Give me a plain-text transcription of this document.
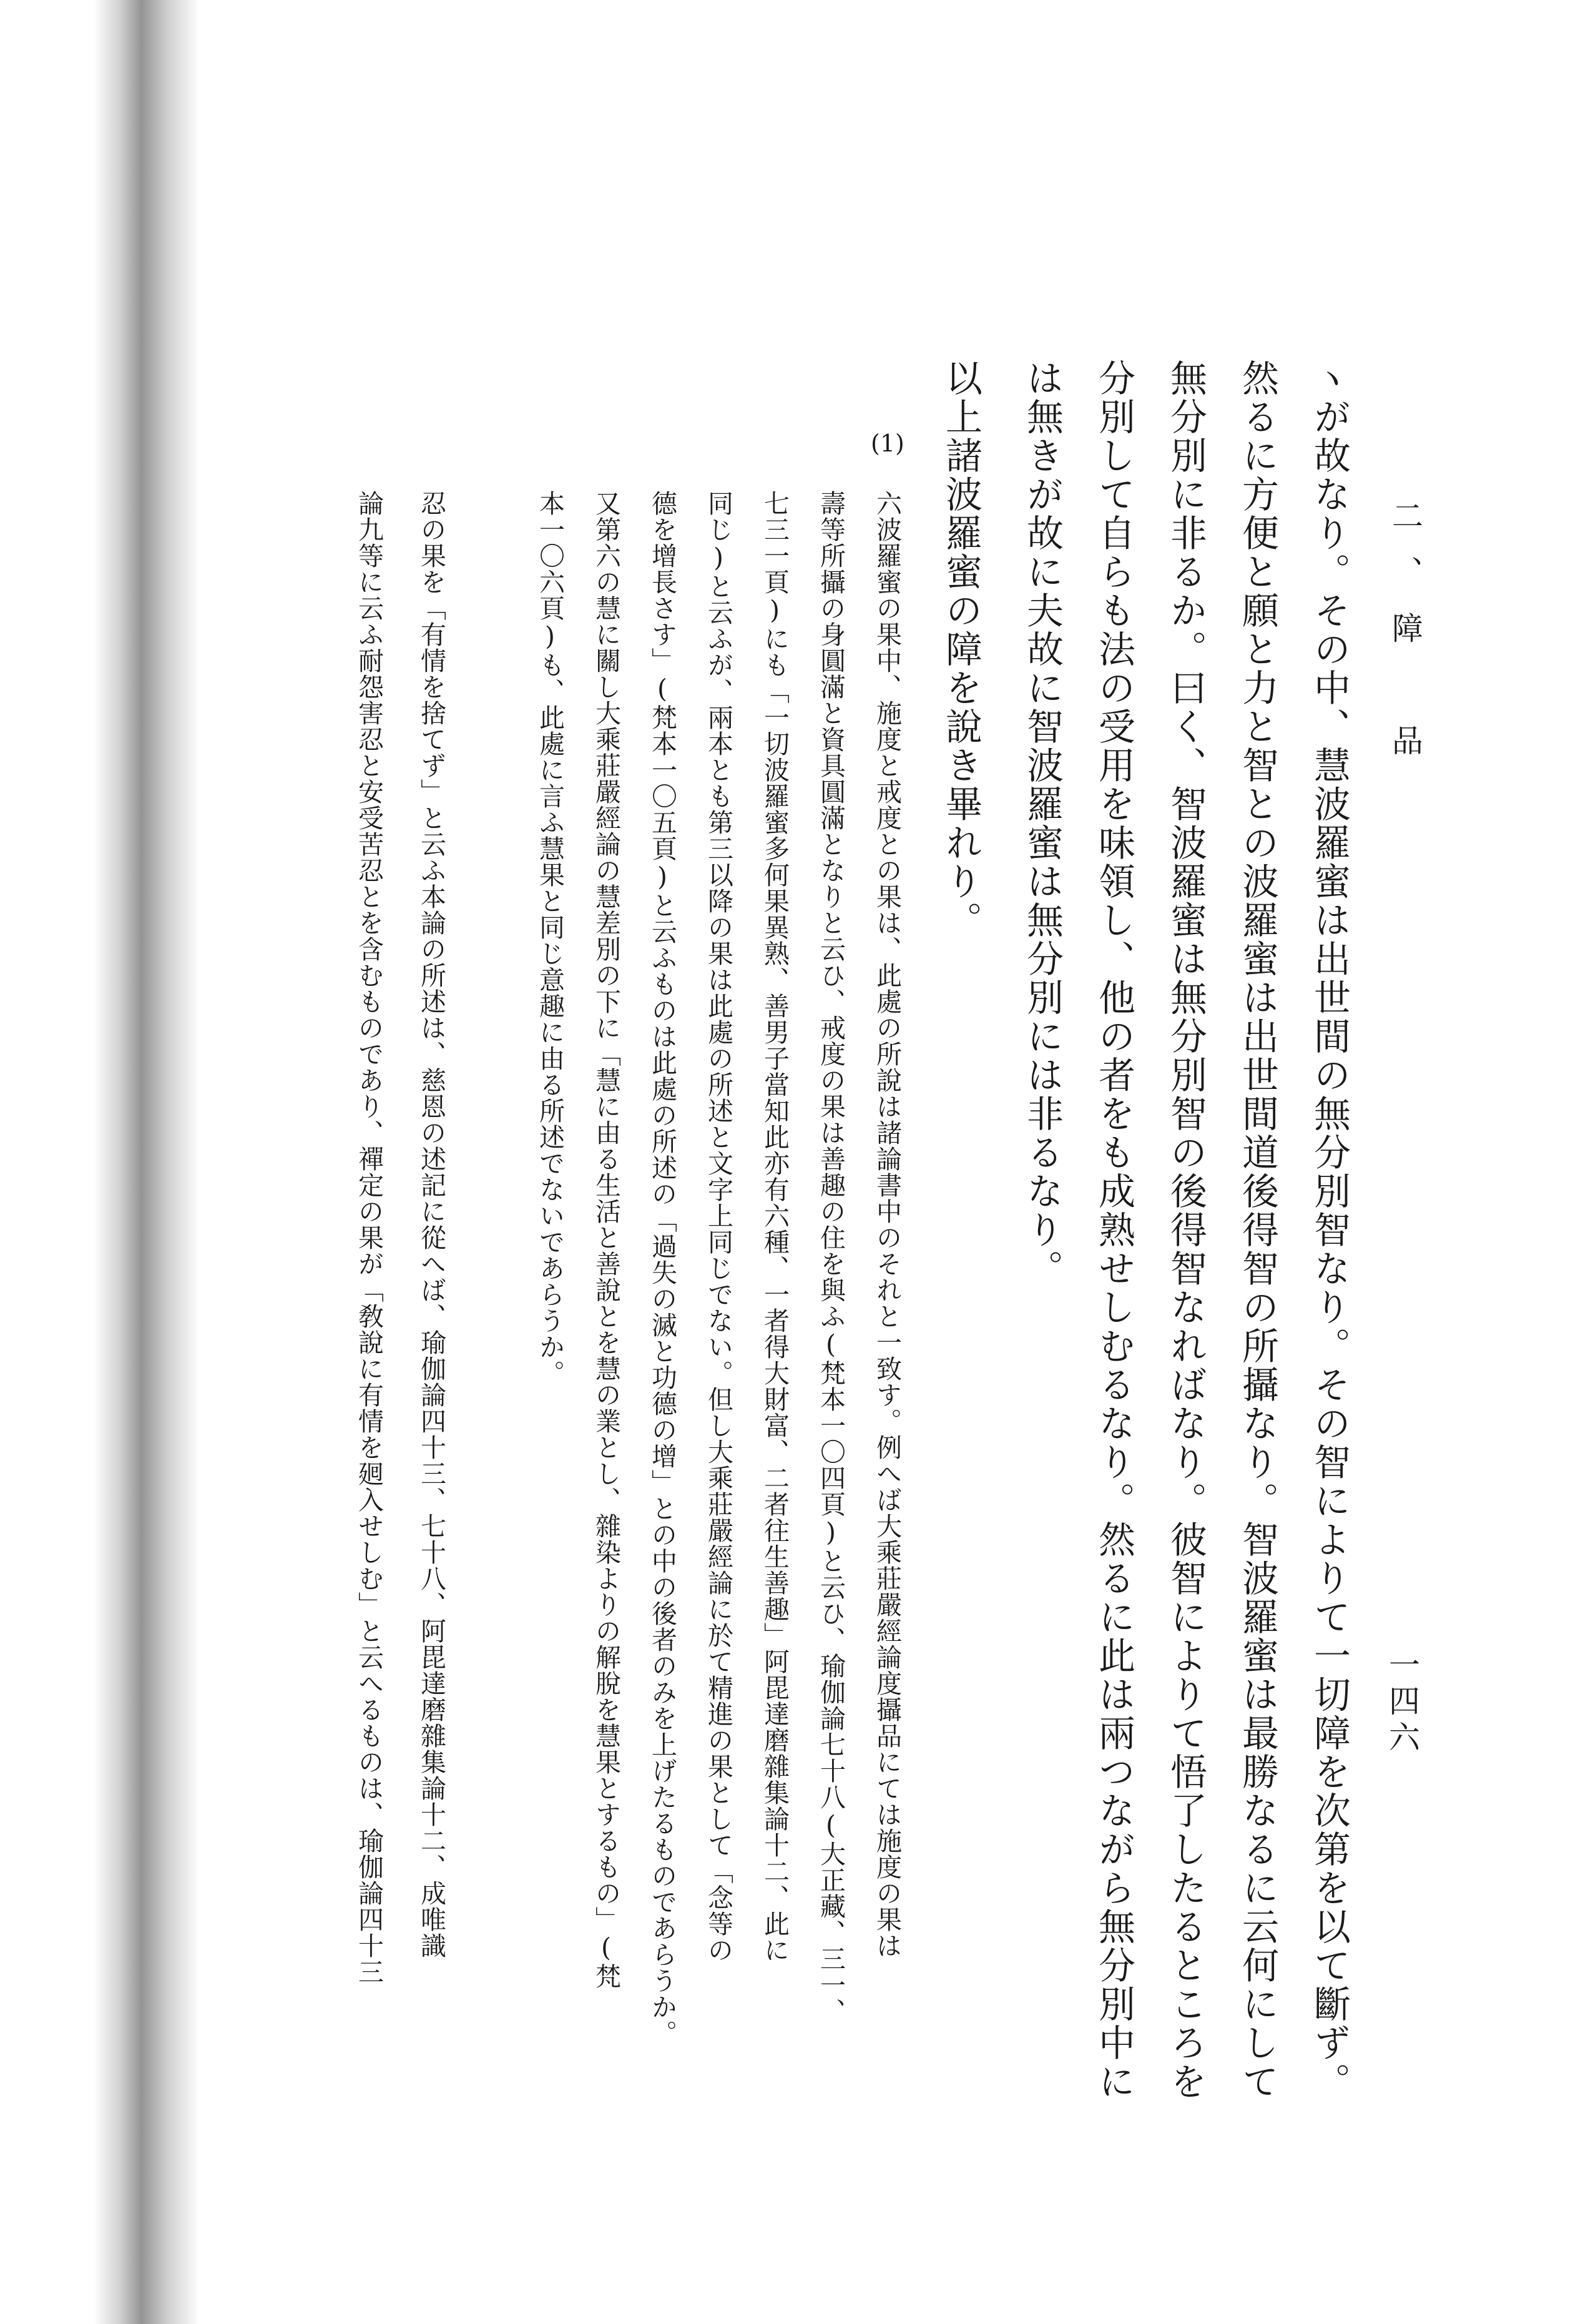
二、障　品
一四六
ヽが故なり。その中、慧波羅蜜は出世間の無分別智なり。その智によりて一切障を次第を以て斷ず。
然るに方便と願と力と智との波羅蜜は出世間道後得智の所攝なり。智波羅蜜は最勝なるに云何にして
無分別に非るか。曰く、智波羅蜜は無分別智の後得智なればなり。彼智によりて悟了したるところを
分別して自らも法の受用を味領し、他の者をも成熟せしむるなり。然るに此は兩つながら無分別中に
は無きが故に夫故に智波羅蜜は無分別には非るなり。
以上諸波羅蜜の障を說き畢れり。
(1)
六波羅蜜の果中、施度と戒度との果は、此處の所說は諸論書中のそれと一致す。例へば大乘莊嚴經論度攝品にては施度の果は
壽等所攝の身圓滿と資具圓滿となりと云ひ、戒度の果は善趣の住を與ふ(梵本一〇四頁)と云ひ、瑜伽論七十八(大正藏、三一、
七三一頁)にも「一切波羅蜜多何果異熟、善男子當知此亦有六種、一者得大財富、二者往生善趣」阿毘達磨雜集論十二、此に
同じ)と云ふが、兩本とも第三以降の果は此處の所述と文字上同じでない。但し大乘莊嚴經論に於て精進の果として「念等の
德を增長さす」(梵本一〇五頁)と云ふものは此處の所述の「過失の滅と功德の增」との中の後者のみを上げたるものであらうか。
又第六の慧に關し大乘莊嚴經論の慧差別の下に「慧に由る生活と善說とを慧の業とし、雜染よりの解脫を慧果とするもの」(梵
本一〇六頁)も、此處に言ふ慧果と同じ意趣に由る所述でないであらうか。
忍の果を「有情を捨てず」と云ふ本論の所述は、慈恩の述記に從へば、瑜伽論四十三、七十八、阿毘達磨雜集論十二、成唯識
論九等に云ふ耐怨害忍と安受苦忍とを含むものであり、禪定の果が「敎說に有情を𢌞入せしむ」と云へるものは、瑜伽論四十三
